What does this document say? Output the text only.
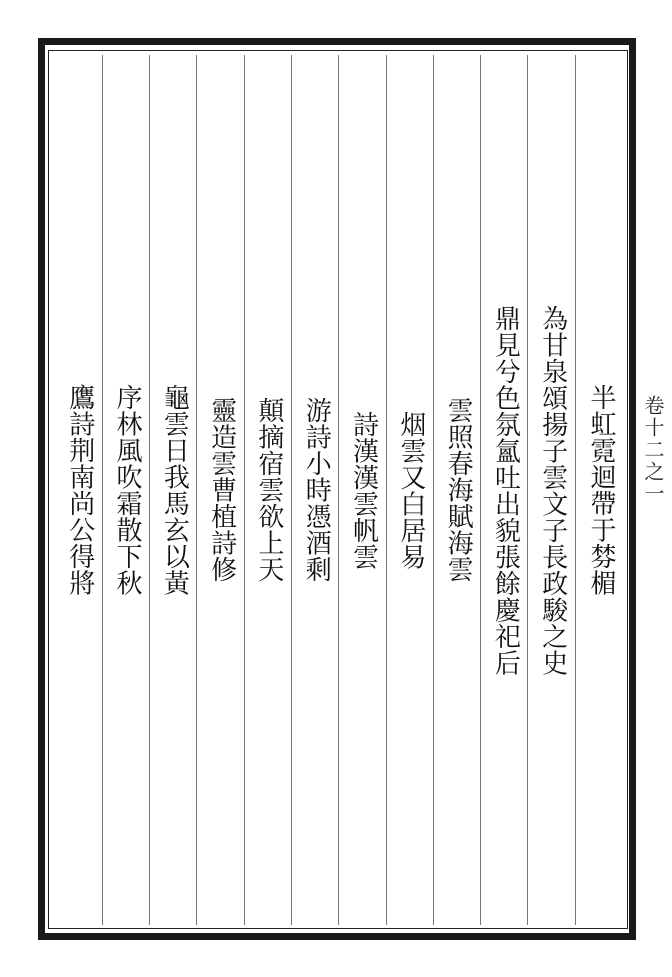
卷十二之一
半虹霓迴帶于棼楣
為甘泉頌揚子雲文子長政駿之史
鼎見兮色氛氳吐出貌張餘慶祀后
雲照春海賦海雲
烟雲又白居易
詩漢漢雲帆雲
游詩小時憑酒剩
顛摘宿雲欲上天
靈造雲曹植詩修
龜雲日我馬玄以黃
序林風吹霜散下秋
鷹詩荆南尚公得將
